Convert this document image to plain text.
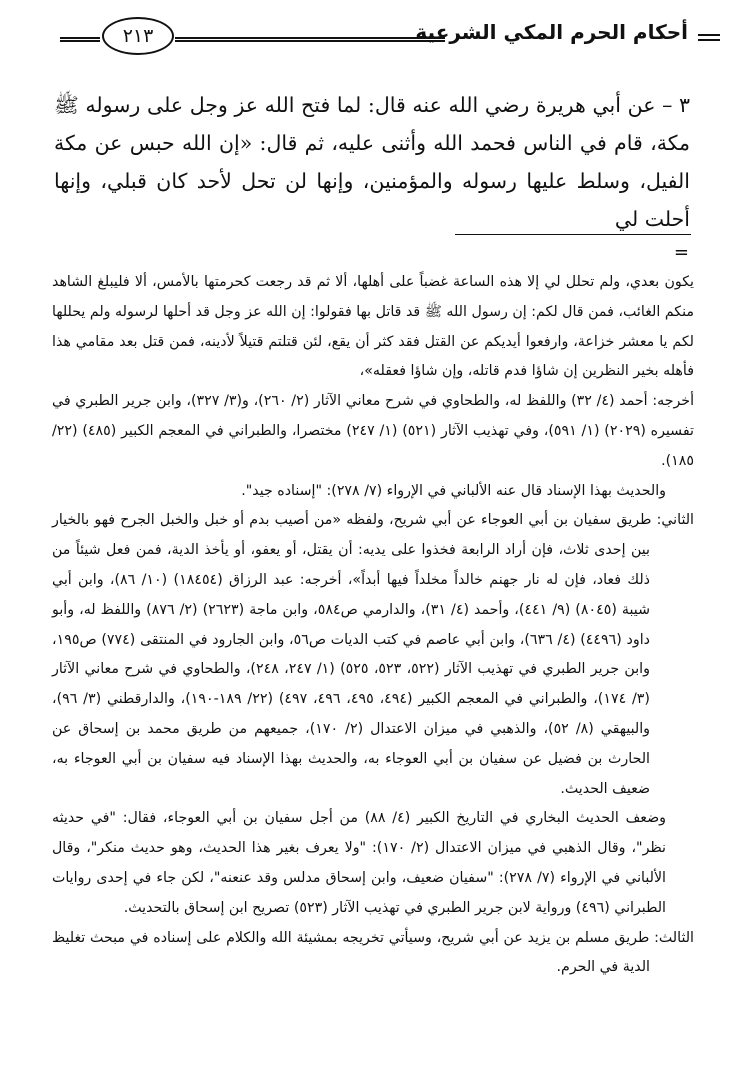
أحكام الحرم المكي الشرعية
٢١٣

٣ – عن أبي هريرة رضي الله عنه قال: لما فتح الله عز وجل على رسوله ﷺ مكة، قام في الناس فحمد الله وأثنى عليه، ثم قال: «إن الله حبس عن مكة الفيل، وسلط عليها رسوله والمؤمنين، وإنها لن تحل لأحد كان قبلي، وإنها أحلت لي

=

يكون بعدي، ولم تحلل لي إلا هذه الساعة غضباً على أهلها، ألا ثم قد رجعت كحرمتها بالأمس، ألا فليبلغ الشاهد منكم الغائب، فمن قال لكم: إن رسول الله ﷺ قد قاتل بها فقولوا: إن الله عز وجل قد أحلها لرسوله ولم يحللها لكم يا معشر خزاعة، وارفعوا أيديكم عن القتل فقد كثر أن يقع، لئن قتلتم قتيلاً لأدينه، فمن قتل بعد مقامي هذا فأهله بخير النظرين إن شاؤا فدم قاتله، وإن شاؤا فعقله»،

أخرجه: أحمد (٤/ ٣٢) واللفظ له، والطحاوي في شرح معاني الآثار (٢/ ٢٦٠)، و(٣/ ٣٢٧)، وابن جرير الطبري في تفسيره (٢٠٢٩) (١/ ٥٩١)، وفي تهذيب الآثار (٥٢١) (١/ ٢٤٧) مختصرا، والطبراني في المعجم الكبير (٤٨٥) (٢٢/ ١٨٥).

والحديث بهذا الإسناد قال عنه الألباني في الإرواء (٧/ ٢٧٨): "إسناده جيد".

الثاني: طريق سفيان بن أبي العوجاء عن أبي شريح، ولفظه «من أصيب بدم أو خبل والخبل الجرح فهو بالخيار بين إحدى ثلاث، فإن أراد الرابعة فخذوا على يديه: أن يقتل، أو يعفو، أو يأخذ الدية، فمن فعل شيئاً من ذلك فعاد، فإن له نار جهنم خالداً مخلداً فيها أبداً»، أخرجه: عبد الرزاق (١٨٤٥٤) (١٠/ ٨٦)، وابن أبي شيبة (٨٠٤٥) (٩/ ٤٤١)، وأحمد (٤/ ٣١)، والدارمي ص٥٨٤، وابن ماجة (٢٦٢٣) (٢/ ٨٧٦) واللفظ له، وأبو داود (٤٤٩٦) (٤/ ٦٣٦)، وابن أبي عاصم في كتب الديات ص٥٦، وابن الجارود في المنتقى (٧٧٤) ص١٩٥، وابن جرير الطبري في تهذيب الآثار (٥٢٢، ٥٢٣، ٥٢٥) (١/ ٢٤٧، ٢٤٨)، والطحاوي في شرح معاني الآثار (٣/ ١٧٤)، والطبراني في المعجم الكبير (٤٩٤، ٤٩٥، ٤٩٦، ٤٩٧) (٢٢/ ١٨٩-١٩٠)، والدارقطني (٣/ ٩٦)، والبيهقي (٨/ ٥٢)، والذهبي في ميزان الاعتدال (٢/ ١٧٠)، جميعهم من طريق محمد بن إسحاق عن الحارث بن فضيل عن سفيان بن أبي العوجاء به، والحديث بهذا الإسناد فيه سفيان بن أبي العوجاء به، ضعيف الحديث.

وضعف الحديث البخاري في التاريخ الكبير (٤/ ٨٨) من أجل سفيان بن أبي العوجاء، فقال: "في حديثه نظر"، وقال الذهبي في ميزان الاعتدال (٢/ ١٧٠): "ولا يعرف بغير هذا الحديث، وهو حديث منكر"، وقال الألباني في الإرواء (٧/ ٢٧٨): "سفيان ضعيف، وابن إسحاق مدلس وقد عنعنه"، لكن جاء في إحدى روايات الطبراني (٤٩٦) ورواية لابن جرير الطبري في تهذيب الآثار (٥٢٣) تصريح ابن إسحاق بالتحديث.

الثالث: طريق مسلم بن يزيد عن أبي شريح، وسيأتي تخريجه بمشيئة الله والكلام على إسناده في مبحث تغليظ الدية في الحرم.
